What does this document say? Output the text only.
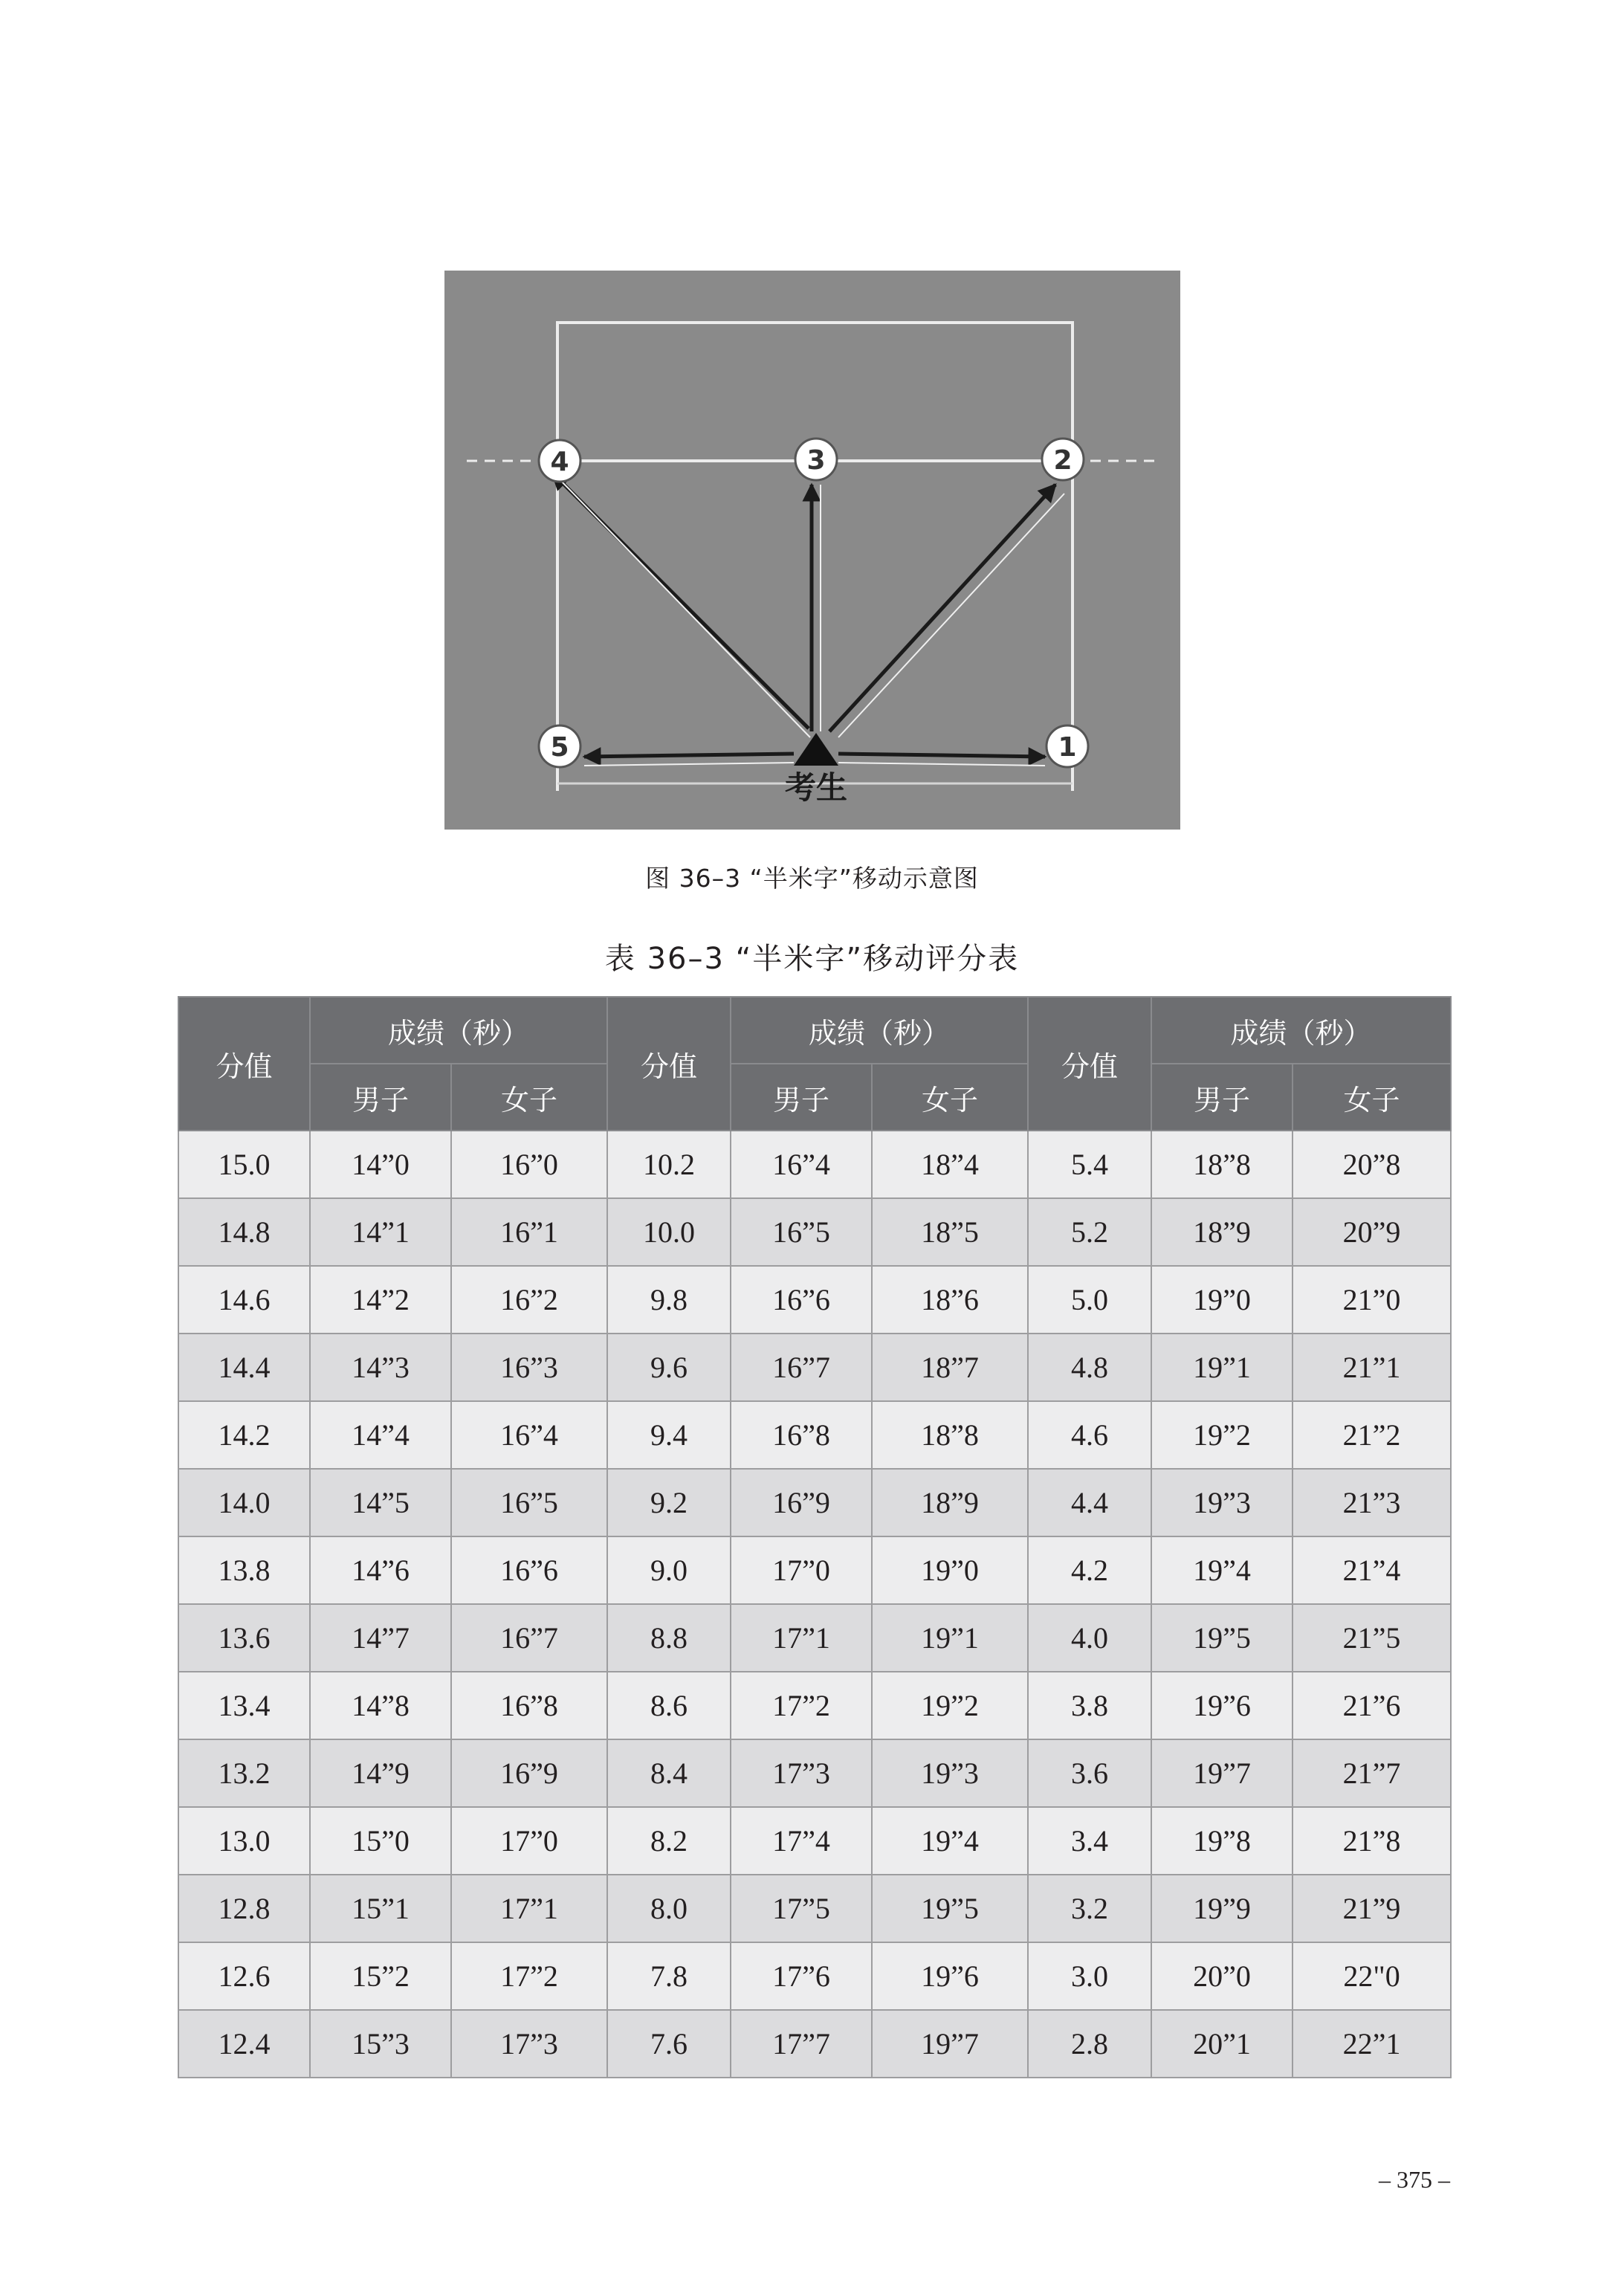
1
2
3
4
5
考生
图 36–3 “半米字”移动示意图
表 36–3 “半米字”移动评分表
分值	成绩（秒）		分值	成绩（秒）		分值	成绩（秒）	
	男子	女子		男子	女子		男子	女子
15.0	14”0	16”0	10.2	16”4	18”4	5.4	18”8	20”8
14.8	14”1	16”1	10.0	16”5	18”5	5.2	18”9	20”9
14.6	14”2	16”2	9.8	16”6	18”6	5.0	19”0	21”0
14.4	14”3	16”3	9.6	16”7	18”7	4.8	19”1	21”1
14.2	14”4	16”4	9.4	16”8	18”8	4.6	19”2	21”2
14.0	14”5	16”5	9.2	16”9	18”9	4.4	19”3	21”3
13.8	14”6	16”6	9.0	17”0	19”0	4.2	19”4	21”4
13.6	14”7	16”7	8.8	17”1	19”1	4.0	19”5	21”5
13.4	14”8	16”8	8.6	17”2	19”2	3.8	19”6	21”6
13.2	14”9	16”9	8.4	17”3	19”3	3.6	19”7	21”7
13.0	15”0	17”0	8.2	17”4	19”4	3.4	19”8	21”8
12.8	15”1	17”1	8.0	17”5	19”5	3.2	19”9	21”9
12.6	15”2	17”2	7.8	17”6	19”6	3.0	20”0	22"0
12.4	15”3	17”3	7.6	17”7	19”7	2.8	20”1	22”1
– 375 –
